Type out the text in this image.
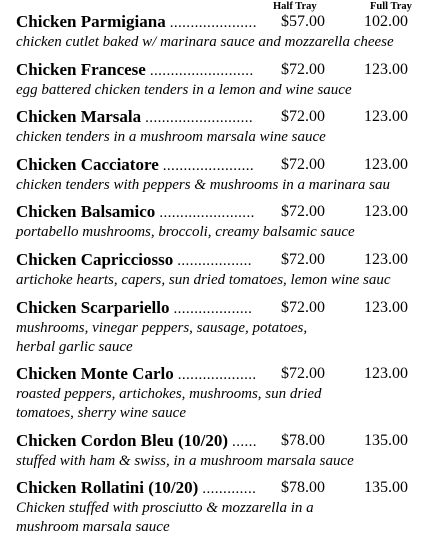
Half Tray	Full Tray
Chicken Parmigiana ..................... $57.00 102.00
chicken cutlet baked w/ marinara sauce and mozzarella cheese
Chicken Francese ......................... $72.00 123.00
egg battered chicken tenders in a lemon and wine sauce
Chicken Marsala .......................... $72.00 123.00
chicken tenders in a mushroom marsala wine sauce
Chicken Cacciatore ...................... $72.00 123.00
chicken tenders with peppers & mushrooms in a marinara sau
Chicken Balsamico ....................... $72.00 123.00
portabello mushrooms, broccoli, creamy balsamic sauce
Chicken Capricciosso .................. $72.00 123.00
artichoke hearts, capers, sun dried tomatoes, lemon wine sauc
Chicken Scarpariello ................... $72.00 123.00
mushrooms, vinegar peppers, sausage, potatoes,
herbal garlic sauce
Chicken Monte Carlo ................... $72.00 123.00
roasted peppers, artichokes, mushrooms, sun dried
tomatoes, sherry wine sauce
Chicken Cordon Bleu (10/20) ...... $78.00 135.00
stuffed with ham & swiss, in a mushroom marsala sauce
Chicken Rollatini (10/20) ............. $78.00 135.00
Chicken stuffed with prosciutto & mozzarella in a
mushroom marsala sauce
